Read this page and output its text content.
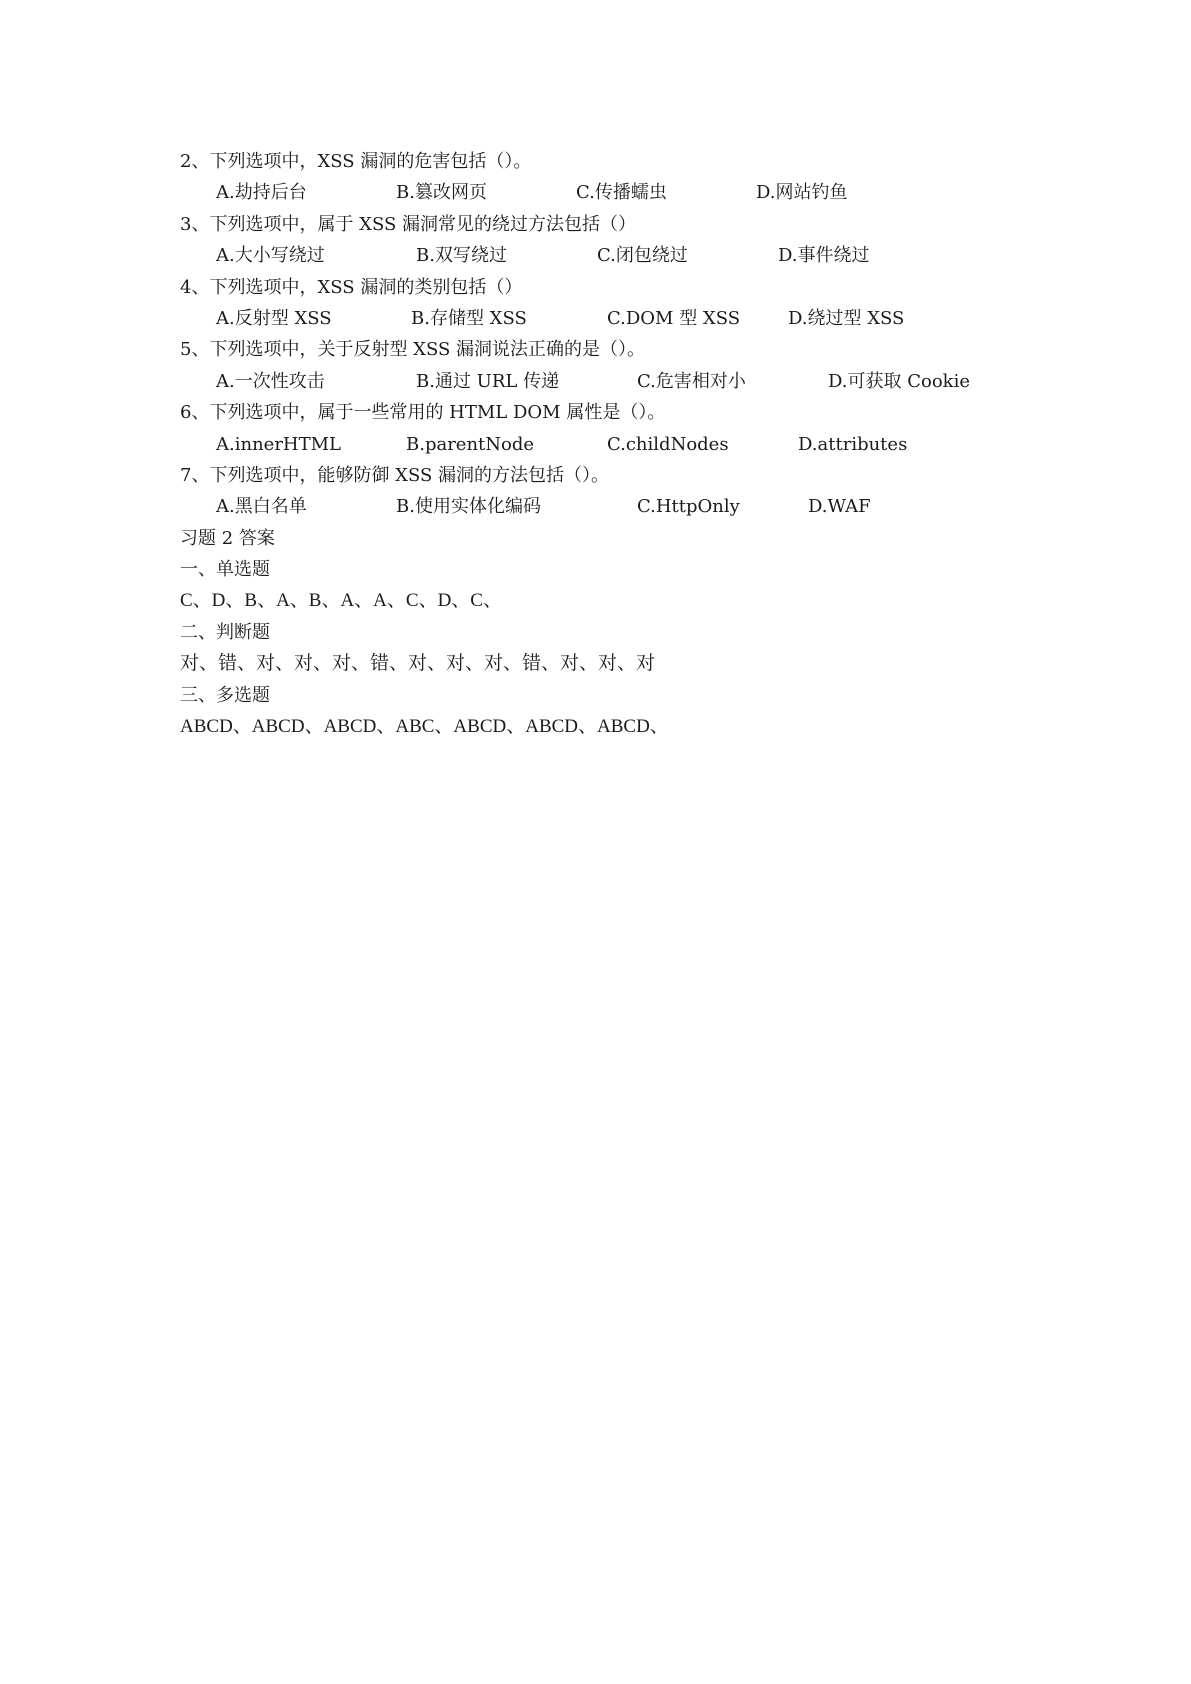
2、下列选项中，XSS 漏洞的危害包括（）。
A.劫持后台	B.篡改网页	C.传播蠕虫	D.网站钓鱼
3、下列选项中，属于 XSS 漏洞常见的绕过方法包括（）
A.大小写绕过	B.双写绕过	C.闭包绕过	D.事件绕过
4、下列选项中，XSS 漏洞的类别包括（）
A.反射型 XSS	B.存储型 XSS	C.DOM 型 XSS	D.绕过型 XSS
5、下列选项中，关于反射型 XSS 漏洞说法正确的是（）。
A.一次性攻击	B.通过 URL 传递	C.危害相对小	D.可获取 Cookie
6、下列选项中，属于一些常用的 HTML DOM 属性是（）。
A.innerHTML	B.parentNode	C.childNodes	D.attributes
7、下列选项中，能够防御 XSS 漏洞的方法包括（）。
A.黑白名单	B.使用实体化编码	C.HttpOnly	D.WAF
习题 2 答案
一、单选题
C、D、B、A、B、A、A、C、D、C、
二、判断题
对、错、对、对、对、错、对、对、对、错、对、对、对
三、多选题
ABCD、ABCD、ABCD、ABC、ABCD、ABCD、ABCD、
